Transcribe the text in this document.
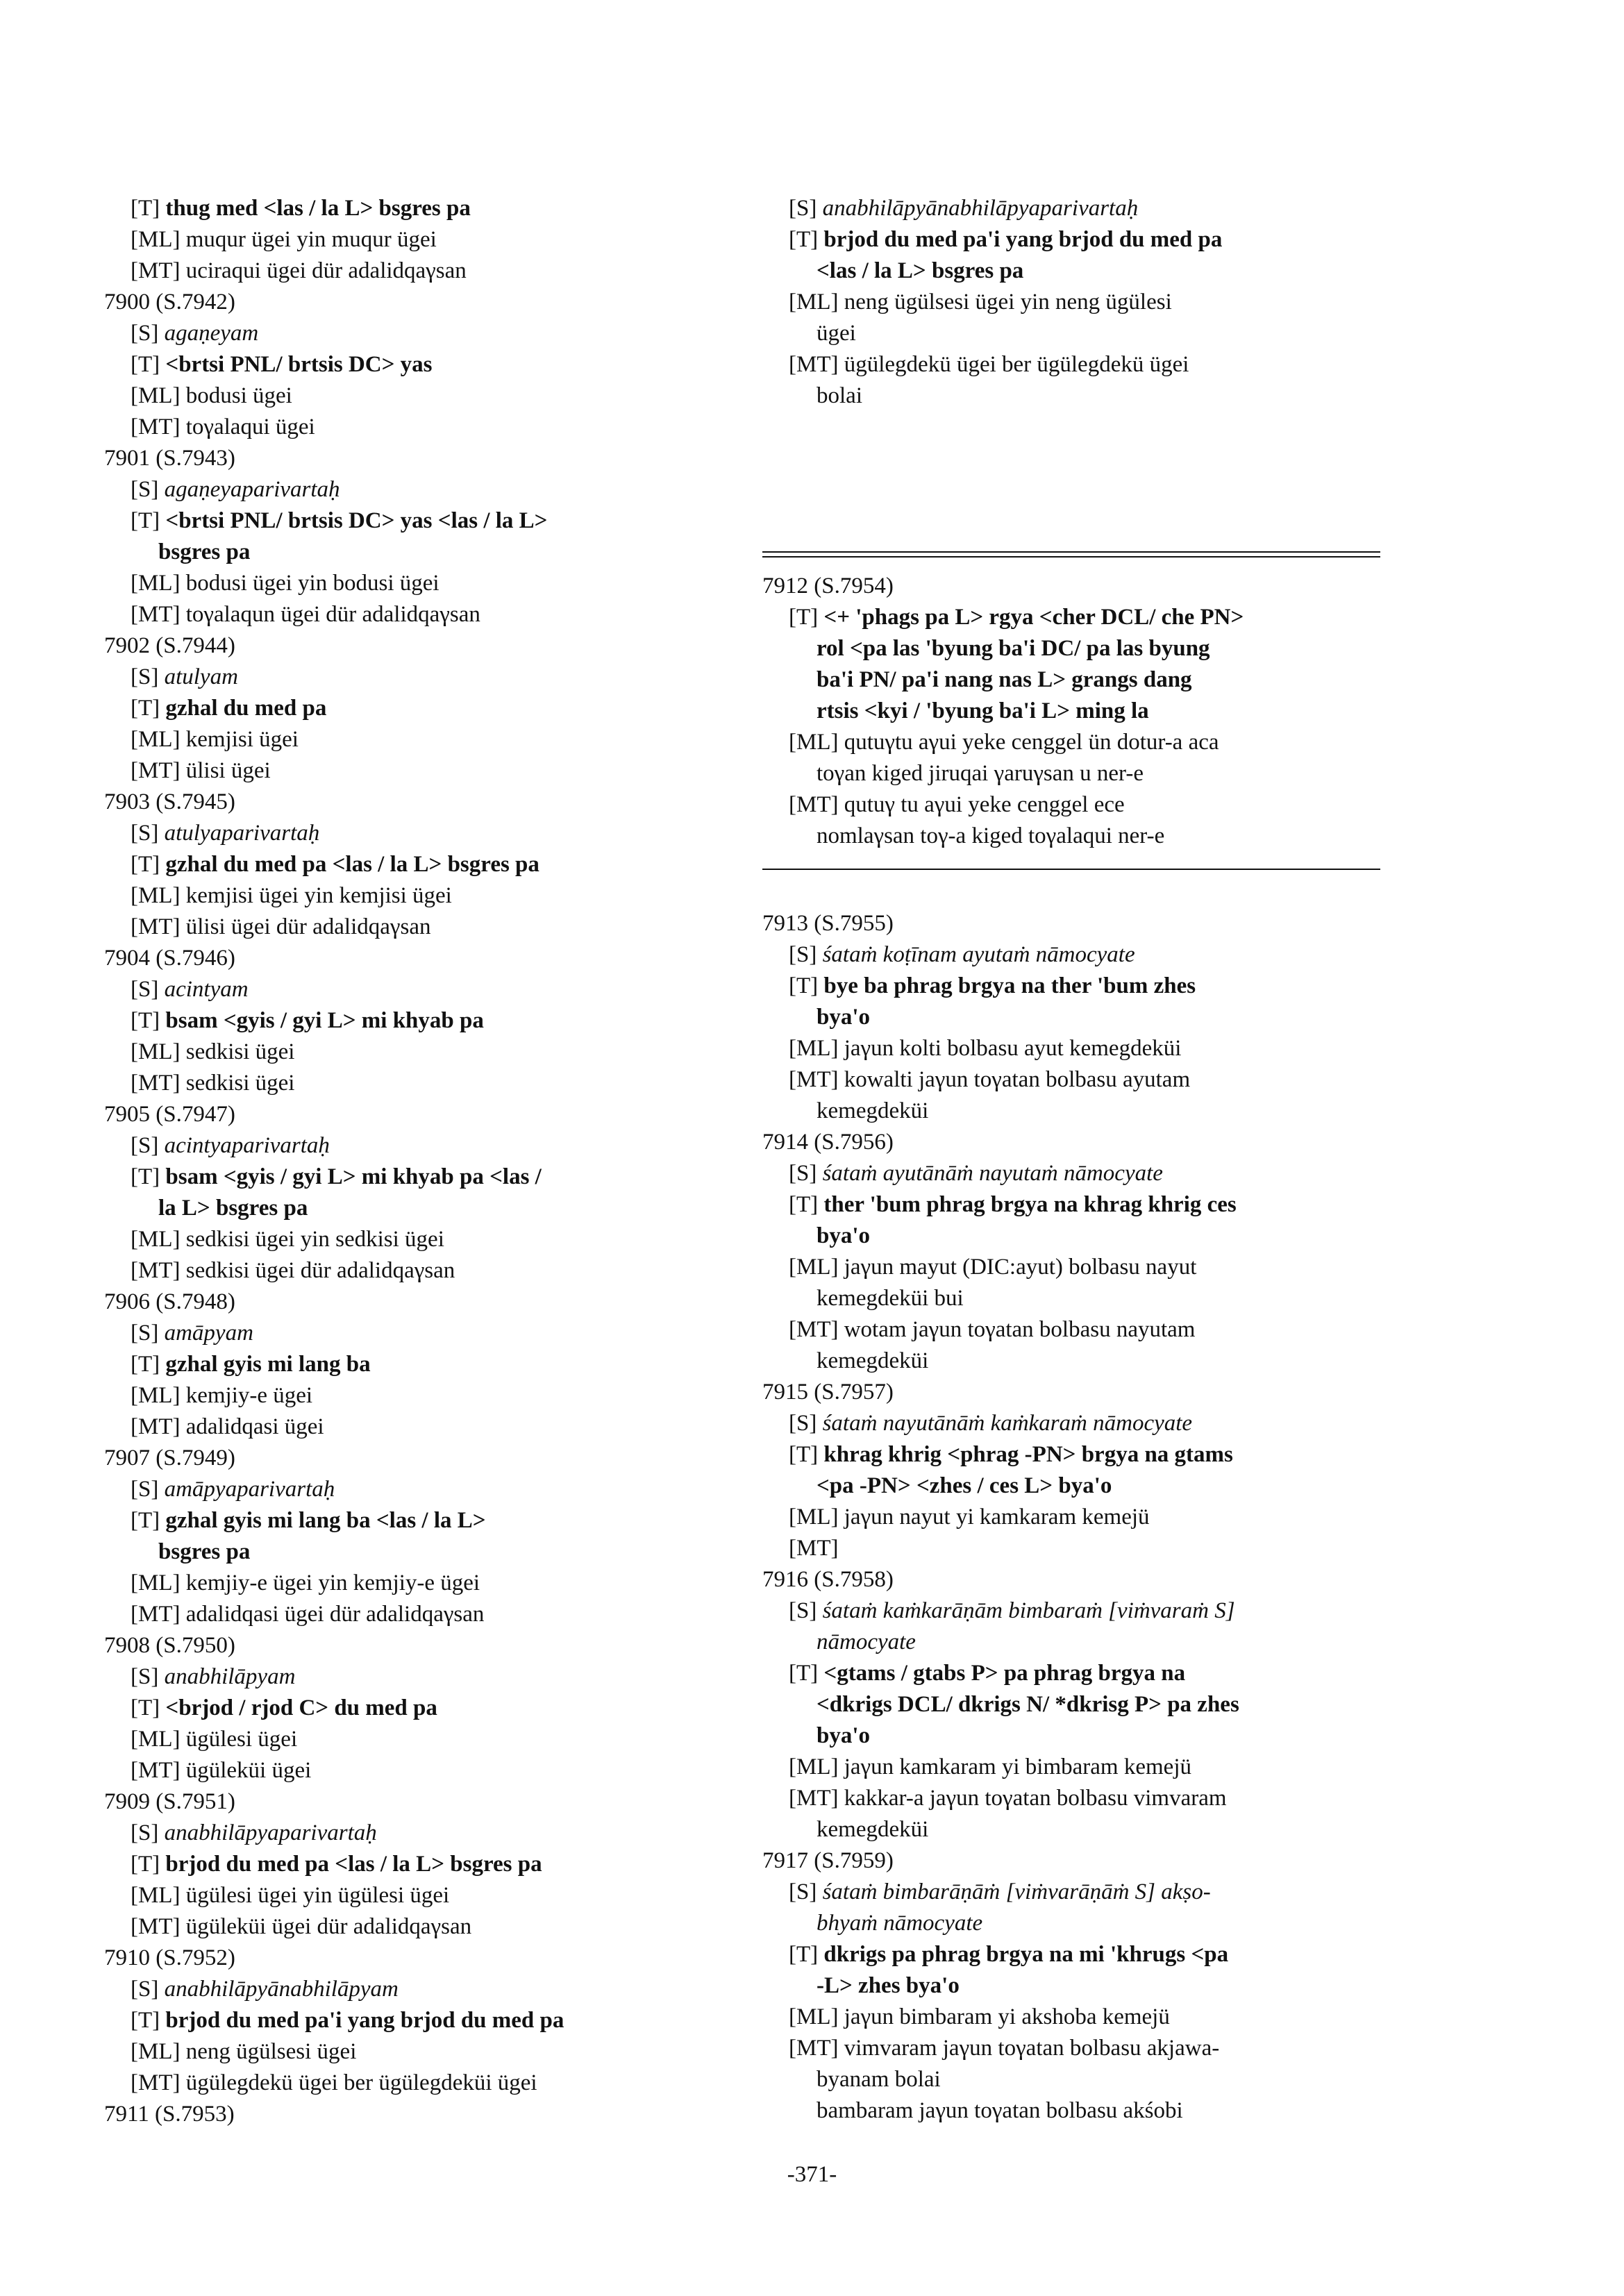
[T] thug med <las / la L> bsgres pa
[ML] muqur ügei yin muqur ügei
[MT] uciraqui ügei dür adalidqaγsan
7900 (S.7942)
[S] agaṇeyam
[T] <brtsi PNL/ brtsis DC> yas
[ML] bodusi ügei
[MT] toγalaqui ügei
7901 (S.7943)
[S] agaṇeyaparivartaḥ
[T] <brtsi PNL/ brtsis DC> yas <las / la L>
bsgres pa
[ML] bodusi ügei yin bodusi ügei
[MT] toγalaqun ügei dür adalidqaγsan
7902 (S.7944)
[S] atulyam
[T] gzhal du med pa
[ML] kemjisi ügei
[MT] ülisi ügei
7903 (S.7945)
[S] atulyaparivartaḥ
[T] gzhal du med pa <las / la L> bsgres pa
[ML] kemjisi ügei yin kemjisi ügei
[MT] ülisi ügei dür adalidqaγsan
7904 (S.7946)
[S] acintyam
[T] bsam <gyis / gyi L> mi khyab pa
[ML] sedkisi ügei
[MT] sedkisi ügei
7905 (S.7947)
[S] acintyaparivartaḥ
[T] bsam <gyis / gyi L> mi khyab pa <las /
la L> bsgres pa
[ML] sedkisi ügei yin sedkisi ügei
[MT] sedkisi ügei dür adalidqaγsan
7906 (S.7948)
[S] amāpyam
[T] gzhal gyis mi lang ba
[ML] kemjiy-e ügei
[MT] adalidqasi ügei
7907 (S.7949)
[S] amāpyaparivartaḥ
[T] gzhal gyis mi lang ba <las / la L>
bsgres pa
[ML] kemjiy-e ügei yin kemjiy-e ügei
[MT] adalidqasi ügei dür adalidqaγsan
7908 (S.7950)
[S] anabhilāpyam
[T] <brjod / rjod C> du med pa
[ML] ügülesi ügei
[MT] ügüleküi ügei
7909 (S.7951)
[S] anabhilāpyaparivartaḥ
[T] brjod du med pa <las / la L> bsgres pa
[ML] ügülesi ügei yin ügülesi ügei
[MT] ügüleküi ügei dür adalidqaγsan
7910 (S.7952)
[S] anabhilāpyānabhilāpyam
[T] brjod du med pa'i yang brjod du med pa
[ML] neng ügülsesi ügei
[MT] ügülegdekü ügei ber ügülegdeküi ügei
7911 (S.7953)
[S] anabhilāpyānabhilāpyaparivartaḥ
[T] brjod du med pa'i yang brjod du med pa
<las / la L> bsgres pa
[ML] neng ügülsesi ügei yin neng ügülesi
ügei
[MT] ügülegdekü ügei ber ügülegdekü ügei
bolai
7912 (S.7954)
[T] <+ 'phags pa L> rgya <cher DCL/ che PN>
rol <pa las 'byung ba'i DC/ pa las byung
ba'i PN/ pa'i nang nas L> grangs dang
rtsis <kyi / 'byung ba'i L> ming la
[ML] qutuγtu aγui yeke cenggel ün dotur-a aca
toγan kiged jiruqai γaruγsan u ner-e
[MT] qutuγ tu aγui yeke cenggel ece
nomlaγsan toγ-a kiged toγalaqui ner-e
7913 (S.7955)
[S] śataṁ koṭīnam ayutaṁ nāmocyate
[T] bye ba phrag brgya na ther 'bum zhes
bya'o
[ML] jaγun kolti bolbasu ayut kemegdeküi
[MT] kowalti jaγun toγatan bolbasu ayutam
kemegdeküi
7914 (S.7956)
[S] śataṁ ayutānāṁ nayutaṁ nāmocyate
[T] ther 'bum phrag brgya na khrag khrig ces
bya'o
[ML] jaγun mayut (DIC:ayut) bolbasu nayut
kemegdeküi bui
[MT] wotam jaγun toγatan bolbasu nayutam
kemegdeküi
7915 (S.7957)
[S] śataṁ nayutānāṁ kaṁkaraṁ nāmocyate
[T] khrag khrig <phrag -PN> brgya na gtams
<pa -PN> <zhes / ces L> bya'o
[ML] jaγun nayut yi kamkaram kemejü
[MT]
7916 (S.7958)
[S] śataṁ kaṁkarāṇām bimbaraṁ [viṁvaraṁ S]
nāmocyate
[T] <gtams / gtabs P> pa phrag brgya na
<dkrigs DCL/ dkrigs N/ *dkrisg P> pa zhes
bya'o
[ML] jaγun kamkaram yi bimbaram kemejü
[MT] kakkar-a jaγun toγatan bolbasu vimvaram
kemegdeküi
7917 (S.7959)
[S] śataṁ bimbarāṇāṁ [viṁvarāṇāṁ S] akṣo-
bhyaṁ nāmocyate
[T] dkrigs pa phrag brgya na mi 'khrugs <pa
-L> zhes bya'o
[ML] jaγun bimbaram yi akshoba kemejü
[MT] vimvaram jaγun toγatan bolbasu akjawa-
byanam bolai
bambaram jaγun toγatan bolbasu akśobi
-371-
